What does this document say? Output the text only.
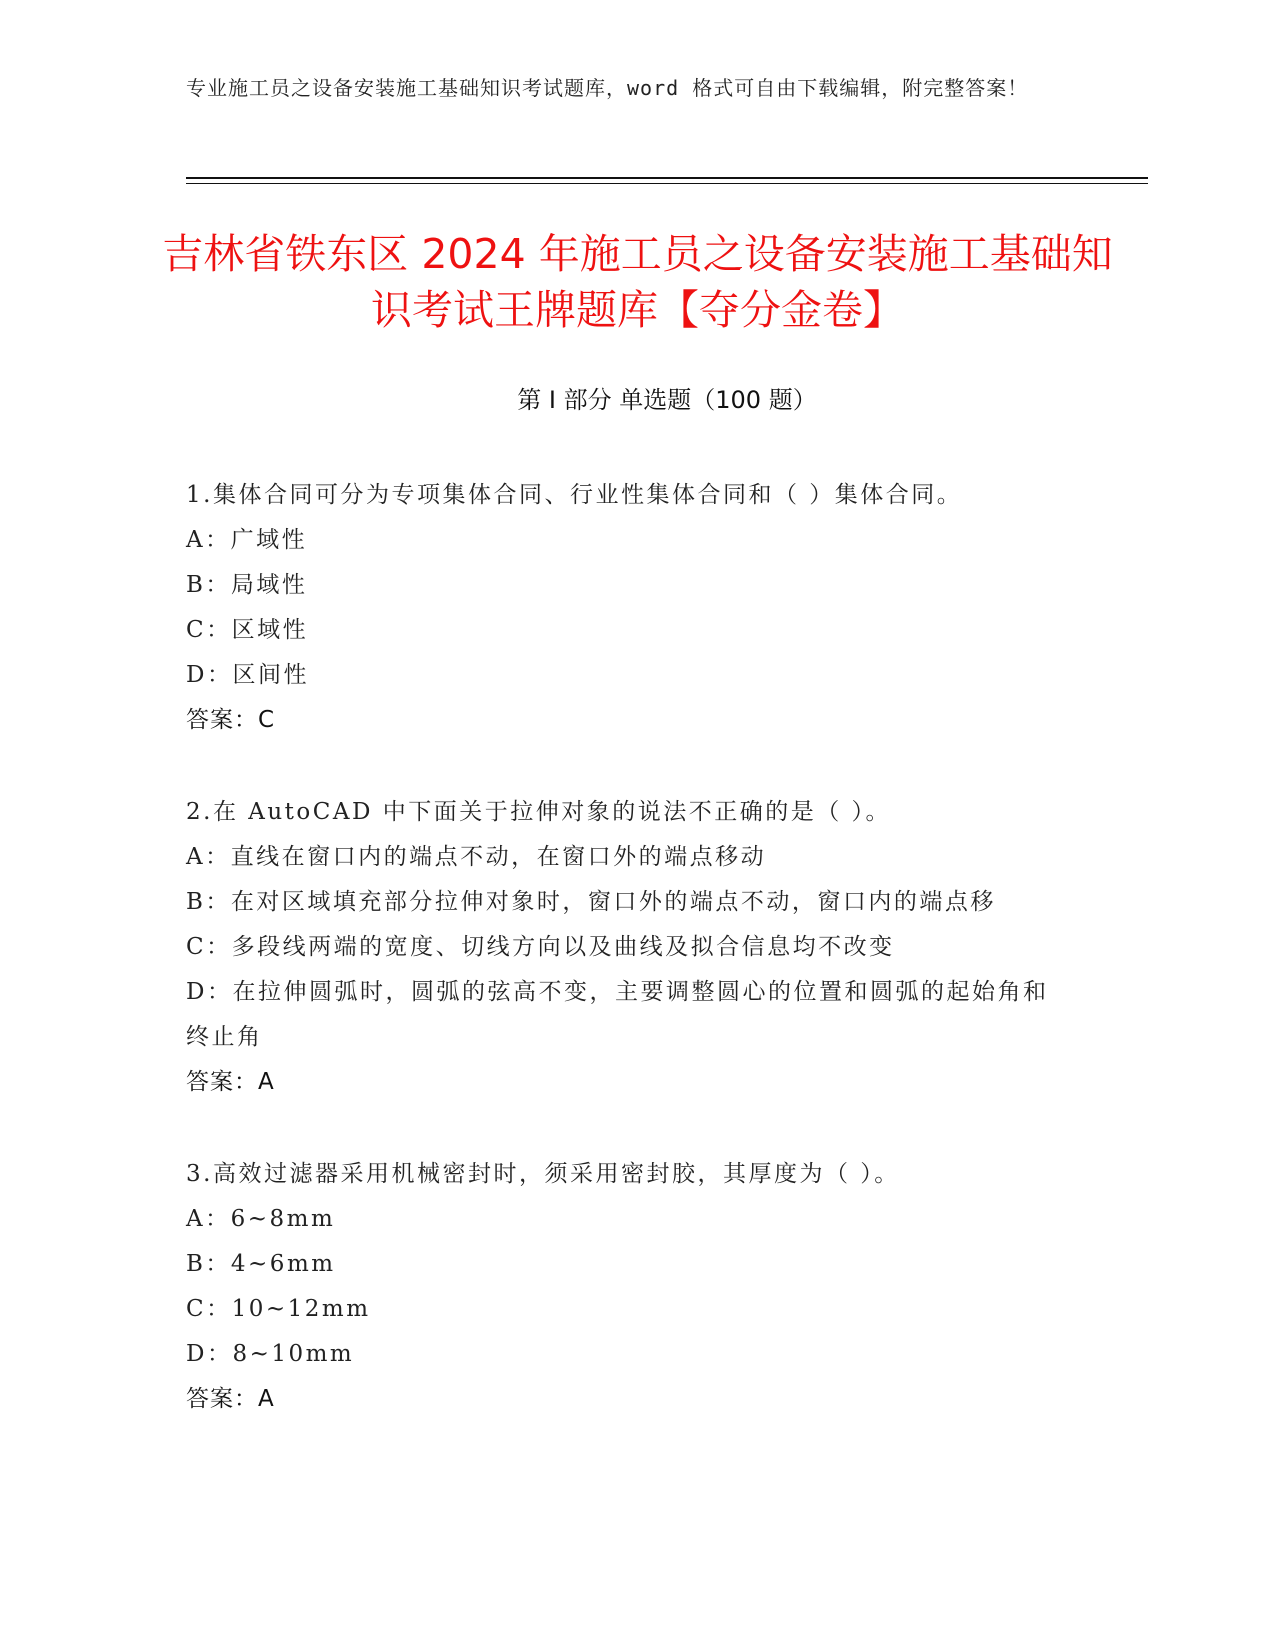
专业施工员之设备安装施工基础知识考试题库，word 格式可自由下载编辑，附完整答案！
吉林省铁东区 2024 年施工员之设备安装施工基础知识考试王牌题库【夺分金卷】
第 I 部分 单选题（100 题）
1.集体合同可分为专项集体合同、行业性集体合同和（ ）集体合同。
A：广域性
B：局域性
C：区域性
D：区间性
答案：C
2.在 AutoCAD 中下面关于拉伸对象的说法不正确的是（ ）。
A：直线在窗口内的端点不动，在窗口外的端点移动
B：在对区域填充部分拉伸对象时，窗口外的端点不动，窗口内的端点移
C：多段线两端的宽度、切线方向以及曲线及拟合信息均不改变
D：在拉伸圆弧时，圆弧的弦高不变，主要调整圆心的位置和圆弧的起始角和终止角
答案：A
3.高效过滤器采用机械密封时，须采用密封胶，其厚度为（ ）。
A：6~8mm
B：4~6mm
C：10~12mm
D：8~10mm
答案：A
